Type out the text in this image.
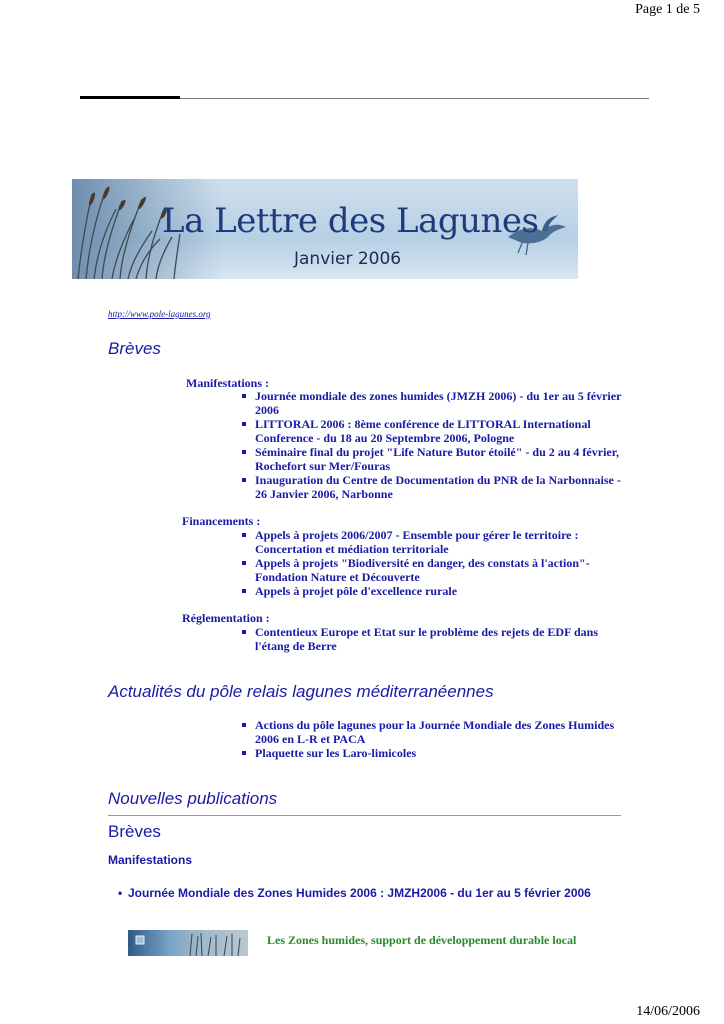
Page 1 de 5
La Lettre des Lagunes
Janvier 2006
http://www.pole-lagunes.org
Brèves
Manifestations :
Journée mondiale des zones humides (JMZH 2006) - du 1er au 5 février 2006
LITTORAL 2006 : 8ème conférence de LITTORAL International Conference - du 18 au 20 Septembre 2006, Pologne
Séminaire final du projet "Life Nature Butor étoilé" - du 2 au 4 février, Rochefort sur Mer/Fouras
Inauguration du Centre de Documentation du PNR de la Narbonnaise - 26 Janvier 2006, Narbonne
Financements :
Appels à projets 2006/2007 - Ensemble pour gérer le territoire : Concertation et médiation territoriale
Appels à projets "Biodiversité en danger, des constats à l'action"- Fondation Nature et Découverte
Appels à projet pôle d'excellence rurale
Réglementation :
Contentieux Europe et Etat sur le problème des rejets de EDF dans l'étang de Berre
Actualités du pôle relais lagunes méditerranéennes
Actions du pôle lagunes pour la Journée Mondiale des Zones Humides 2006 en L-R et PACA
Plaquette sur les Laro-limicoles
Nouvelles publications
Brèves
Manifestations
• Journée Mondiale des Zones Humides 2006 : JMZH2006 - du 1er au 5 février 2006
Les Zones humides, support de développement durable local
14/06/2006
